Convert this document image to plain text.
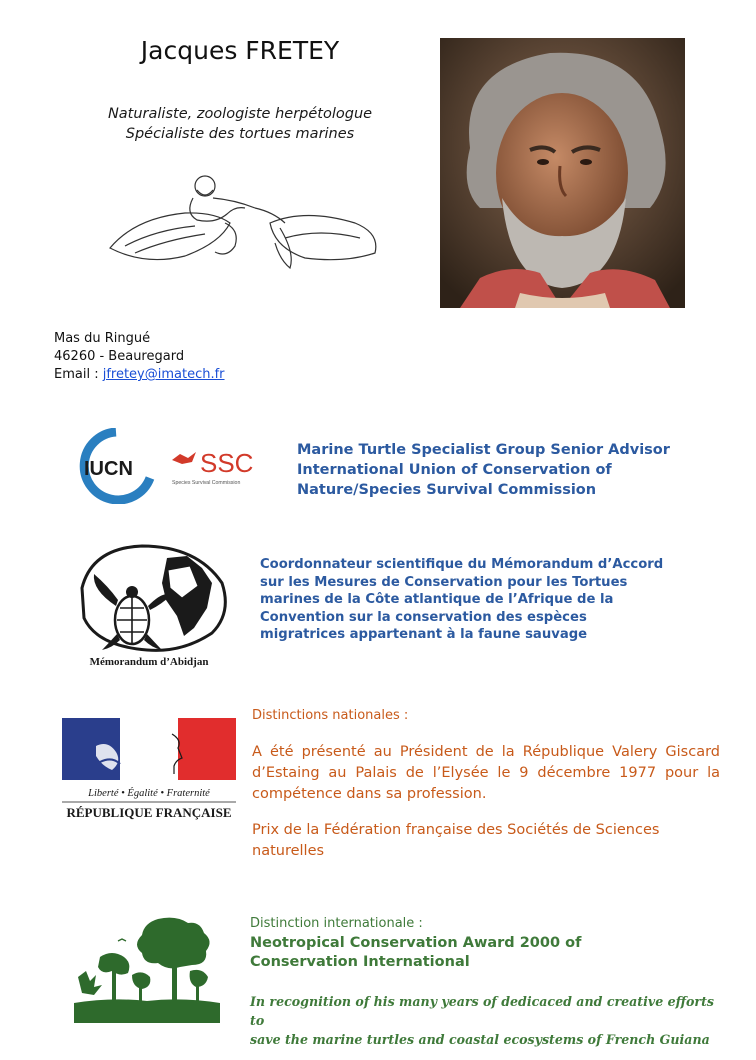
Jacques FRETEY
Naturaliste, zoologiste herpétologue
Spécialiste des tortues marines
Mas du Ringué
46260 - Beauregard
Email : jfretey@imatech.fr
IUCN	SSC
Species Survival Commission
Marine Turtle Specialist Group Senior Advisor
International Union of Conservation of
Nature/Species Survival Commission
Mémorandum d’Abidjan
Coordonnateur scientifique du Mémorandum d’Accord
sur les Mesures de Conservation pour les Tortues
marines de la Côte atlantique de l’Afrique de la
Convention sur la conservation des espèces
migratrices appartenant à la faune sauvage
Liberté • Égalité • Fraternité
RÉPUBLIQUE FRANÇAISE
Distinctions nationales :
A été présenté au Président de la République Valery Giscard d’Estaing au Palais de l’Elysée le 9 décembre 1977 pour la compétence dans sa profession.
Prix de la Fédération française des Sociétés de Sciences naturelles
Distinction internationale :
Neotropical Conservation Award 2000 of
Conservation International
In recognition of his many years of dedicaced and creative efforts to
save the marine turtles and coastal ecosystems of French Guiana
